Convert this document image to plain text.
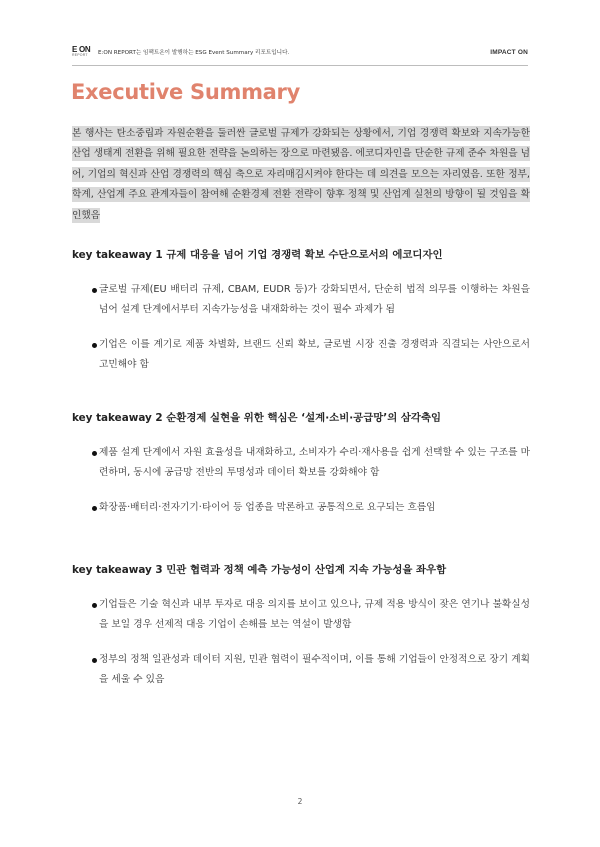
E ON
REPORT	E:ON REPORT는 임팩트온이 발행하는 ESG Event Summary 리포트입니다.	IMPACT ON
Executive Summary
본 행사는 탄소중립과 자원순환을 둘러싼 글로벌 규제가 강화되는 상황에서, 기업 경쟁력 확보와 지속가능한 산업 생태계 전환을 위해 필요한 전략을 논의하는 장으로 마련됐음. 에코디자인을 단순한 규제 준수 차원을 넘어, 기업의 혁신과 산업 경쟁력의 핵심 축으로 자리매김시켜야 한다는 데 의견을 모으는 자리였음. 또한 정부, 학계, 산업계 주요 관계자들이 참여해 순환경제 전환 전략이 향후 정책 및 산업계 실천의 방향이 될 것임을 확인했음
key takeaway 1 규제 대응을 넘어 기업 경쟁력 확보 수단으로서의 에코디자인
글로벌 규제(EU 배터리 규제, CBAM, EUDR 등)가 강화되면서, 단순히 법적 의무를 이행하는 차원을 넘어 설계 단계에서부터 지속가능성을 내재화하는 것이 필수 과제가 됨
기업은 이를 계기로 제품 차별화, 브랜드 신뢰 확보, 글로벌 시장 진출 경쟁력과 직결되는 사안으로서 고민해야 함
key takeaway 2 순환경제 실현을 위한 핵심은 ‘설계·소비·공급망’의 삼각축임
제품 설계 단계에서 자원 효율성을 내재화하고, 소비자가 수리·재사용을 쉽게 선택할 수 있는 구조를 마련하며, 동시에 공급망 전반의 투명성과 데이터 확보를 강화해야 함
화장품·배터리·전자기기·타이어 등 업종을 막론하고 공통적으로 요구되는 흐름임
key takeaway 3 민관 협력과 정책 예측 가능성이 산업계 지속 가능성을 좌우함
기업들은 기술 혁신과 내부 투자로 대응 의지를 보이고 있으나, 규제 적용 방식이 잦은 연기나 불확실성을 보일 경우 선제적 대응 기업이 손해를 보는 역설이 발생함
정부의 정책 일관성과 데이터 지원, 민관 협력이 필수적이며, 이를 통해 기업들이 안정적으로 장기 계획을 세울 수 있음
2
